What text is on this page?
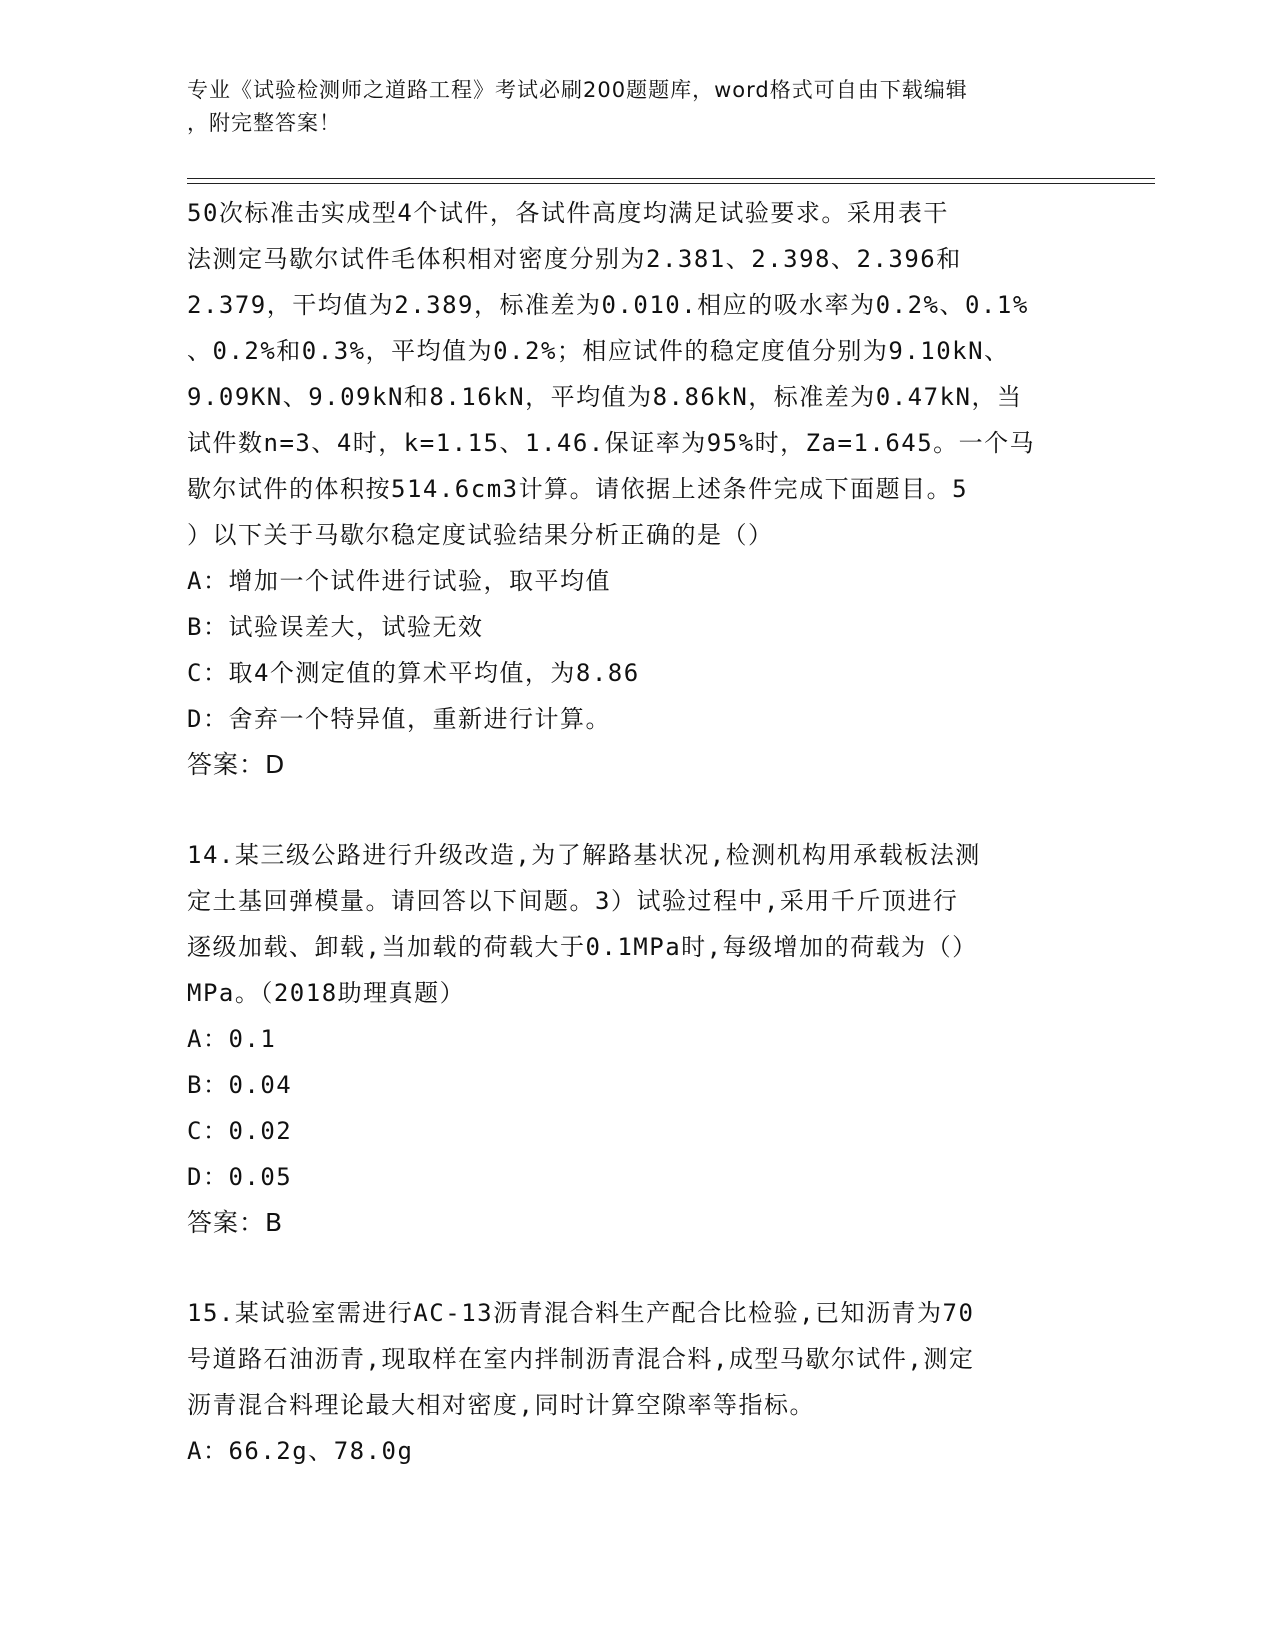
专业《试验检测师之道路工程》考试必刷200题题库，word格式可自由下载编辑
，附完整答案！
50次标准击实成型4个试件，各试件高度均满足试验要求。采用表干
法测定马歇尔试件毛体积相对密度分别为2.381、2.398、2.396和
2.379，干均值为2.389，标准差为0.010.相应的吸水率为0.2%、0.1%
、0.2%和0.3%，平均值为0.2%；相应试件的稳定度值分别为9.10kN、
9.09KN、9.09kN和8.16kN，平均值为8.86kN，标准差为0.47kN，当
试件数n=3、4时，k=1.15、1.46.保证率为95%时，Za=1.645。一个马
歇尔试件的体积按514.6cm3计算。请依据上述条件完成下面题目。5
）以下关于马歇尔稳定度试验结果分析正确的是（）
A：增加一个试件进行试验，取平均值
B：试验误差大，试验无效
C：取4个测定值的算术平均值，为8.86
D：舍弃一个特异值，重新进行计算。
答案：D
14.某三级公路进行升级改造,为了解路基状况,检测机构用承载板法测
定土基回弹模量。请回答以下间题。3）试验过程中,采用千斤顶进行
逐级加载、卸载,当加载的荷载大于0.1MPa时,每级增加的荷载为（）
MPa。（2018助理真题）
A：0.1
B：0.04
C：0.02
D：0.05
答案：B
15.某试验室需进行AC-13沥青混合料生产配合比检验,已知沥青为70
号道路石油沥青,现取样在室内拌制沥青混合料,成型马歇尔试件,测定
沥青混合料理论最大相对密度,同时计算空隙率等指标。
A：66.2g、78.0g
